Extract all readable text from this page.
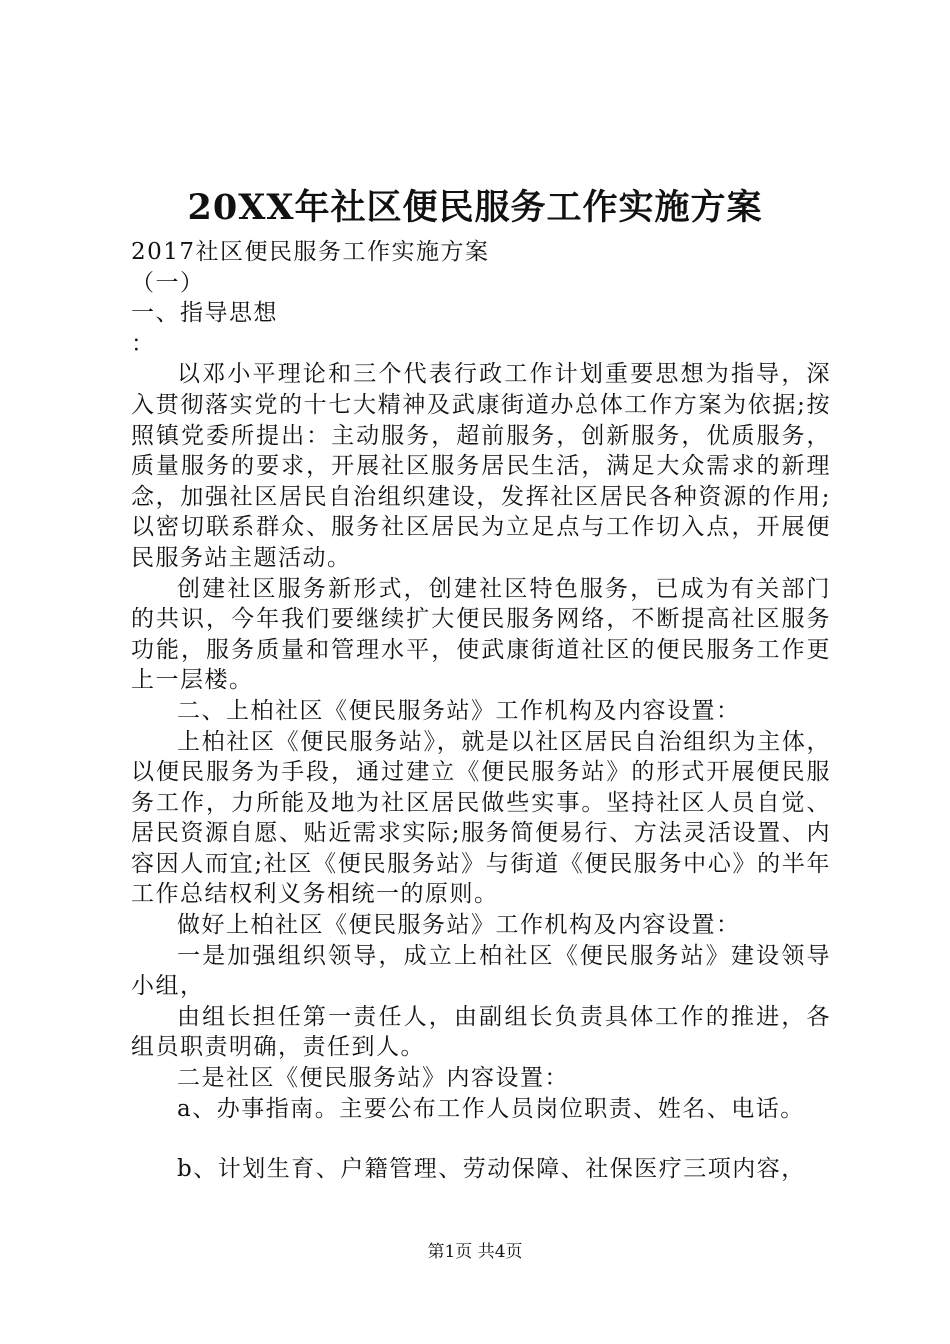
20XX年社区便民服务工作实施方案
2017社区便民服务工作实施方案
（一）
一、指导思想
：
以邓小平理论和三个代表行政工作计划重要思想为指导，深入贯彻落实党的十七大精神及武康街道办总体工作方案为依据;按照镇党委所提出：主动服务，超前服务，创新服务，优质服务，质量服务的要求，开展社区服务居民生活，满足大众需求的新理念，加强社区居民自治组织建设，发挥社区居民各种资源的作用;以密切联系群众、服务社区居民为立足点与工作切入点，开展便民服务站主题活动。
创建社区服务新形式，创建社区特色服务，已成为有关部门的共识，今年我们要继续扩大便民服务网络，不断提高社区服务功能，服务质量和管理水平，使武康街道社区的便民服务工作更上一层楼。
二、上柏社区《便民服务站》工作机构及内容设置：
上柏社区《便民服务站》，就是以社区居民自治组织为主体，以便民服务为手段，通过建立《便民服务站》的形式开展便民服务工作，力所能及地为社区居民做些实事。坚持社区人员自觉、居民资源自愿、贴近需求实际;服务简便易行、方法灵活设置、内容因人而宜;社区《便民服务站》与街道《便民服务中心》的半年工作总结权利义务相统一的原则。
做好上柏社区《便民服务站》工作机构及内容设置：
一是加强组织领导，成立上柏社区《便民服务站》建设领导小组，
由组长担任第一责任人，由副组长负责具体工作的推进，各组员职责明确，责任到人。
二是社区《便民服务站》内容设置：
a、办事指南。主要公布工作人员岗位职责、姓名、电话。
b、计划生育、户籍管理、劳动保障、社保医疗三项内容，
第1页 共4页
